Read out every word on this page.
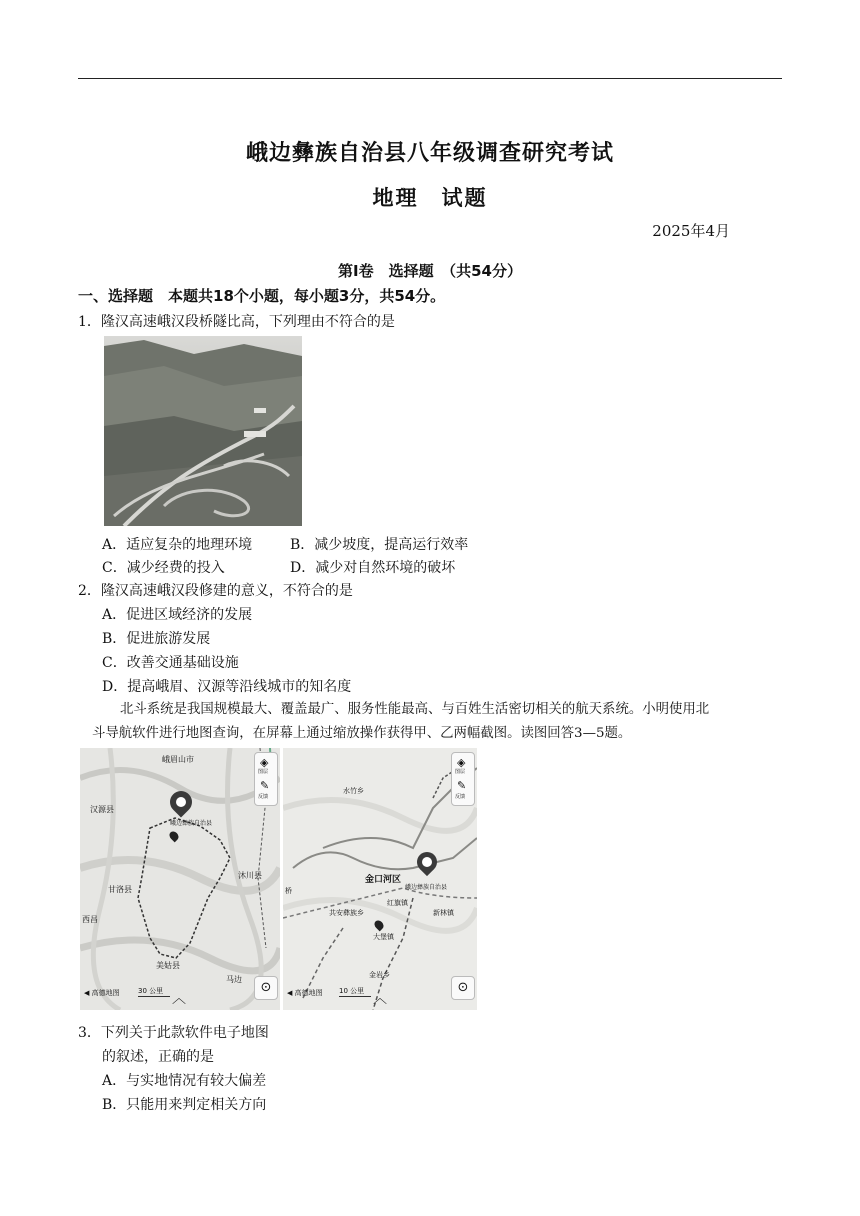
峨边彝族自治县八年级调查研究考试
地理　试题
2025年4月
第Ⅰ卷　选择题　（共54分）
一、选择题　本题共18个小题，每小题3分，共54分。
1．隆汉高速峨汉段桥隧比高，下列理由不符合的是
A．适应复杂的地理环境	B．减少坡度，提高运行效率
C．减少经费的投入	D．减少对自然环境的破坏
2．隆汉高速峨汉段修建的意义，不符合的是
A．促进区域经济的发展
B．促进旅游发展
C．改善交通基础设施
D．提高峨眉、汉源等沿线城市的知名度
北斗系统是我国规模最大、覆盖最广、服务性能最高、与百姓生活密切相关的航天系统。小明使用北
斗导航软件进行地图查询，在屏幕上通过缩放操作获得甲、乙两幅截图。读图回答3—5题。
峨眉山市
汉源县
甘洛县
峨边彝族自治县
沐川县
美姑县
马边
西昌
◈
图层
✎
反馈
⊙
◀ 高德地图	30 公里 ︿
水竹乡
金口河区
峨边彝族自治县
红旗镇
新林镇
共安彝族乡
大堡镇
金岩乡
桥
◈
图层
✎
反馈
⊙
◀ 高德地图 10 公里 ︿
3．下列关于此款软件电子地图
的叙述，正确的是
A．与实地情况有较大偏差
B．只能用来判定相关方向
